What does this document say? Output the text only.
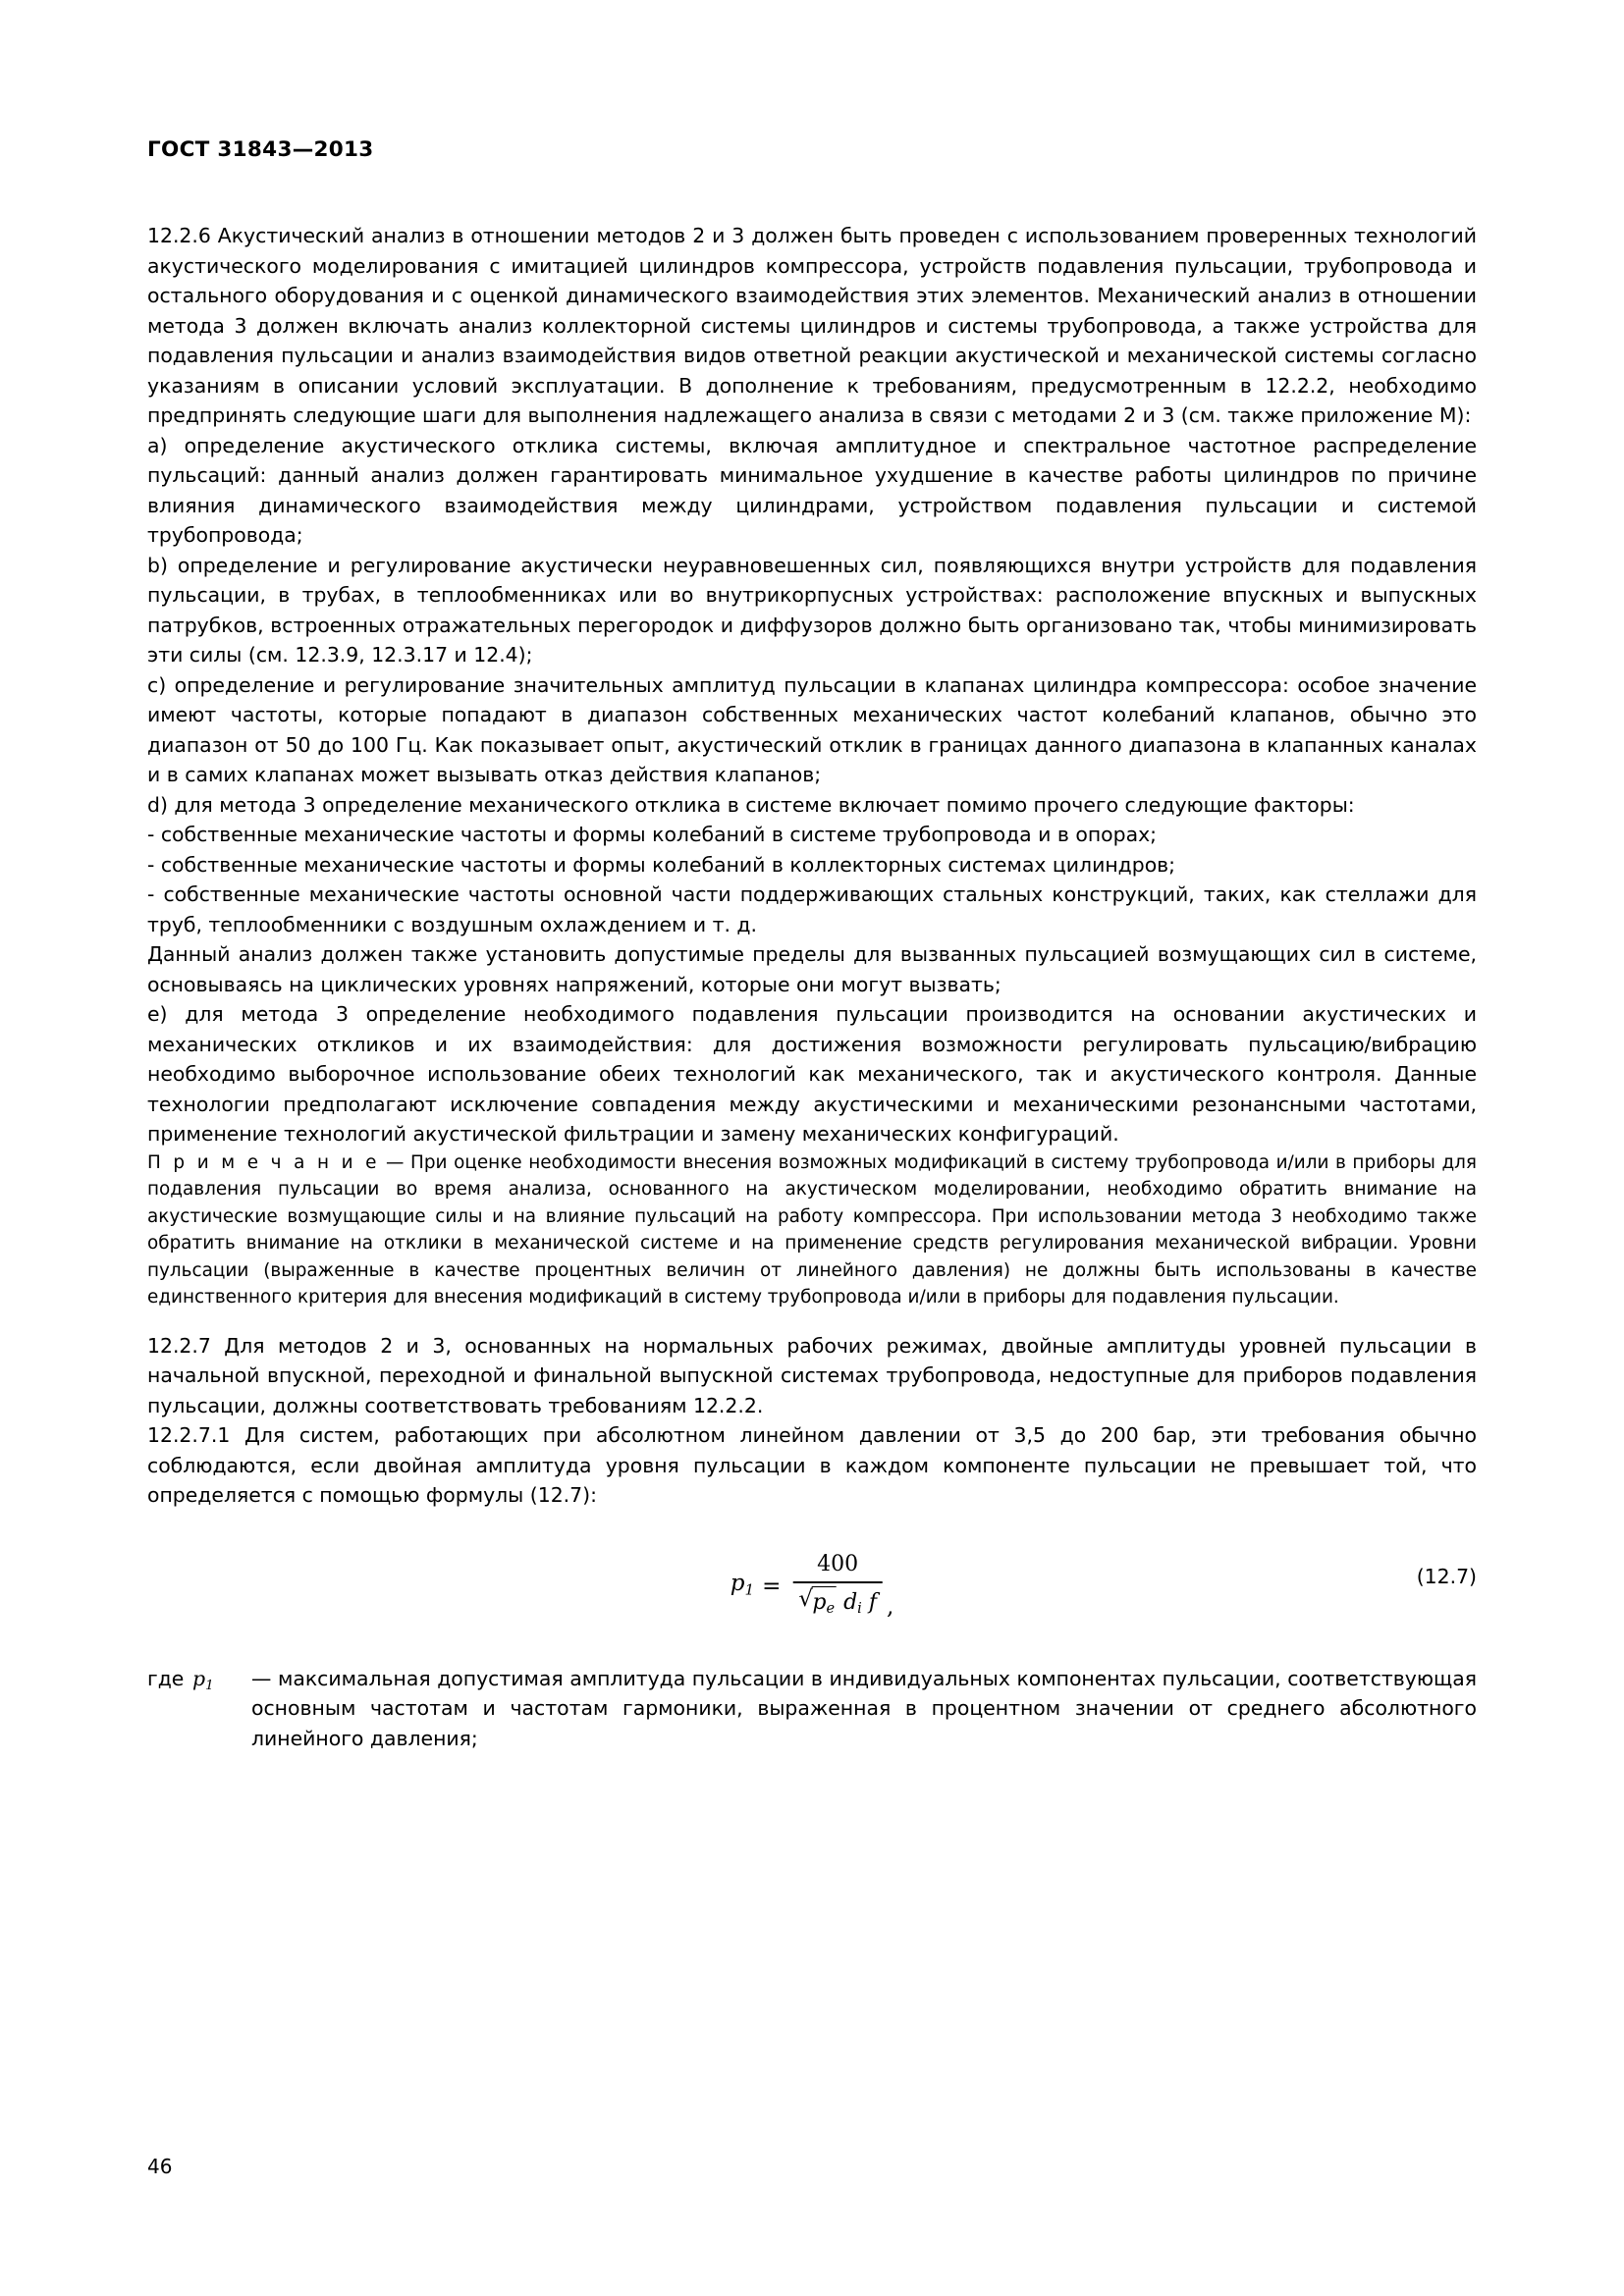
ГОСТ 31843—2013

12.2.6 Акустический анализ в отношении методов 2 и 3 должен быть проведен с использованием проверенных технологий акустического моделирования с имитацией цилиндров компрессора, устройств подавления пульсации, трубопровода и остального оборудования и с оценкой динамического взаимодействия этих элементов. Механический анализ в отношении метода 3 должен включать анализ коллекторной системы цилиндров и системы трубопровода, а также устройства для подавления пульсации и анализ взаимодействия видов ответной реакции акустической и механической системы согласно указаниям в описании условий эксплуатации. В дополнение к требованиям, предусмотренным в 12.2.2, необходимо предпринять следующие шаги для выполнения надлежащего анализа в связи с методами 2 и 3 (см. также приложение M):

a) определение акустического отклика системы, включая амплитудное и спектральное частотное распределение пульсаций: данный анализ должен гарантировать минимальное ухудшение в качестве работы цилиндров по причине влияния динамического взаимодействия между цилиндрами, устройством подавления пульсации и системой трубопровода;

b) определение и регулирование акустически неуравновешенных сил, появляющихся внутри устройств для подавления пульсации, в трубах, в теплообменниках или во внутрикорпусных устройствах: расположение впускных и выпускных патрубков, встроенных отражательных перегородок и диффузоров должно быть организовано так, чтобы минимизировать эти силы (см. 12.3.9, 12.3.17 и 12.4);

c) определение и регулирование значительных амплитуд пульсации в клапанах цилиндра компрессора: особое значение имеют частоты, которые попадают в диапазон собственных механических частот колебаний клапанов, обычно это диапазон от 50 до 100 Гц. Как показывает опыт, акустический отклик в границах данного диапазона в клапанных каналах и в самих клапанах может вызывать отказ действия клапанов;

d) для метода 3 определение механического отклика в системе включает помимо прочего следующие факторы:

- собственные механические частоты и формы колебаний в системе трубопровода и в опорах;

- собственные механические частоты и формы колебаний в коллекторных системах цилиндров;

- собственные механические частоты основной части поддерживающих стальных конструкций, таких, как стеллажи для труб, теплообменники с воздушным охлаждением и т. д.

Данный анализ должен также установить допустимые пределы для вызванных пульсацией возмущающих сил в системе, основываясь на циклических уровнях напряжений, которые они могут вызвать;

e) для метода 3 определение необходимого подавления пульсации производится на основании акустических и механических откликов и их взаимодействия: для достижения возможности регулировать пульсацию/вибрацию необходимо выборочное использование обеих технологий как механического, так и акустического контроля. Данные технологии предполагают исключение совпадения между акустическими и механическими резонансными частотами, применение технологий акустической фильтрации и замену механических конфигураций.

П р и м е ч а н и е — При оценке необходимости внесения возможных модификаций в систему трубопровода и/или в приборы для подавления пульсации во время анализа, основанного на акустическом моделировании, необходимо обратить внимание на акустические возмущающие силы и на влияние пульсаций на работу компрессора. При использовании метода 3 необходимо также обратить внимание на отклики в механической системе и на применение средств регулирования механической вибрации. Уровни пульсации (выраженные в качестве процентных величин от линейного давления) не должны быть использованы в качестве единственного критерия для внесения модификаций в систему трубопровода и/или в приборы для подавления пульсации.

12.2.7 Для методов 2 и 3, основанных на нормальных рабочих режимах, двойные амплитуды уровней пульсации в начальной впускной, переходной и финальной выпускной системах трубопровода, недоступные для приборов подавления пульсации, должны соответствовать требованиям 12.2.2.

12.2.7.1 Для систем, работающих при абсолютном линейном давлении от 3,5 до 200 бар, эти требования обычно соблюдаются, если двойная амплитуда уровня пульсации в каждом компоненте пульсации не превышает той, что определяется с помощью формулы (12.7):

$p_1 = 400$
√ $p_e$ $d_i$ f ,
(12.7)
где $p_1$	— максимальная допустимая амплитуда пульсации в индивидуальных компонентах пульсации, соответствующая основным частотам и частотам гармоники, выраженная в процентном значении от среднего абсолютного линейного давления;
46
